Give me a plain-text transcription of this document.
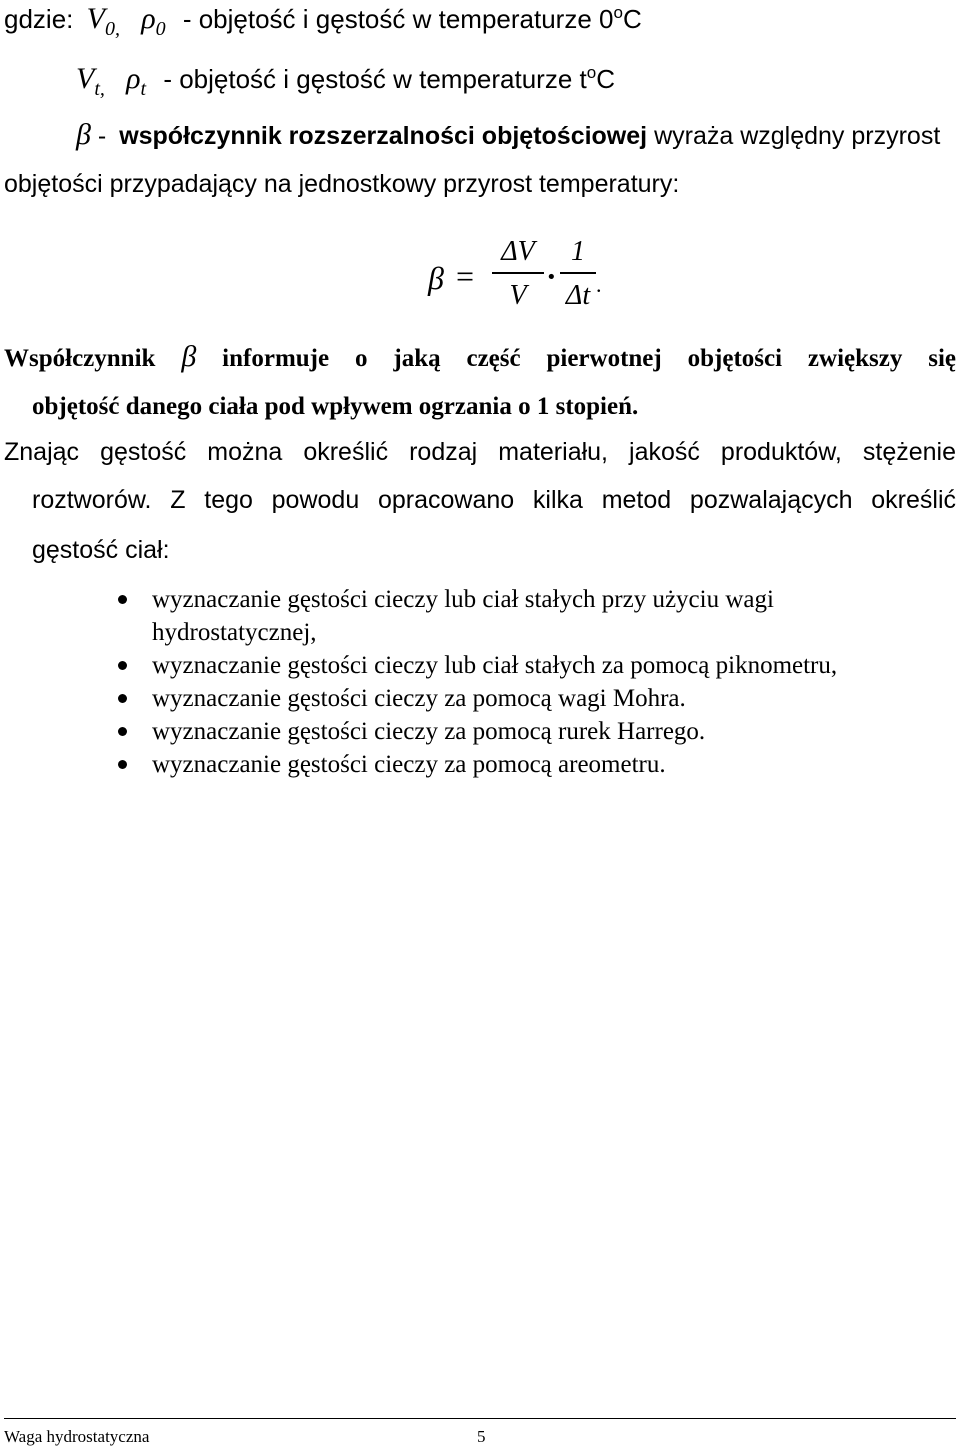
gdzie: $V_{0,}$ $\rho_0$ - objętość i gęstość w temperaturze 0$^o$C
$V_{t,}$ $\rho_t$ - objętość i gęstość w temperaturze $t^oC$
β - współczynnik rozszerzalności objętościowej wyraża względny przyrost
objętości przypadający na jednostkowy przyrost temperatury:
β =
ΔV
V
·
1
Δt .
Współczynnik β informuje o jaką część pierwotnej objętości zwiększy się
objętość danego ciała pod wpływem ogrzania o 1 stopień.
Znając gęstość można określić rodzaj materiału, jakość produktów, stężenie
roztworów. Z tego powodu opracowano kilka metod pozwalających określić
gęstość ciał:
wyznaczanie gęstości cieczy lub ciał stałych przy użyciu wagi hydrostatycznej,
wyznaczanie gęstości cieczy lub ciał stałych za pomocą piknometru,
wyznaczanie gęstości cieczy za pomocą wagi Mohra.
wyznaczanie gęstości cieczy za pomocą rurek Harrego.
wyznaczanie gęstości cieczy za pomocą areometru.
Waga hydrostatyczna	5
